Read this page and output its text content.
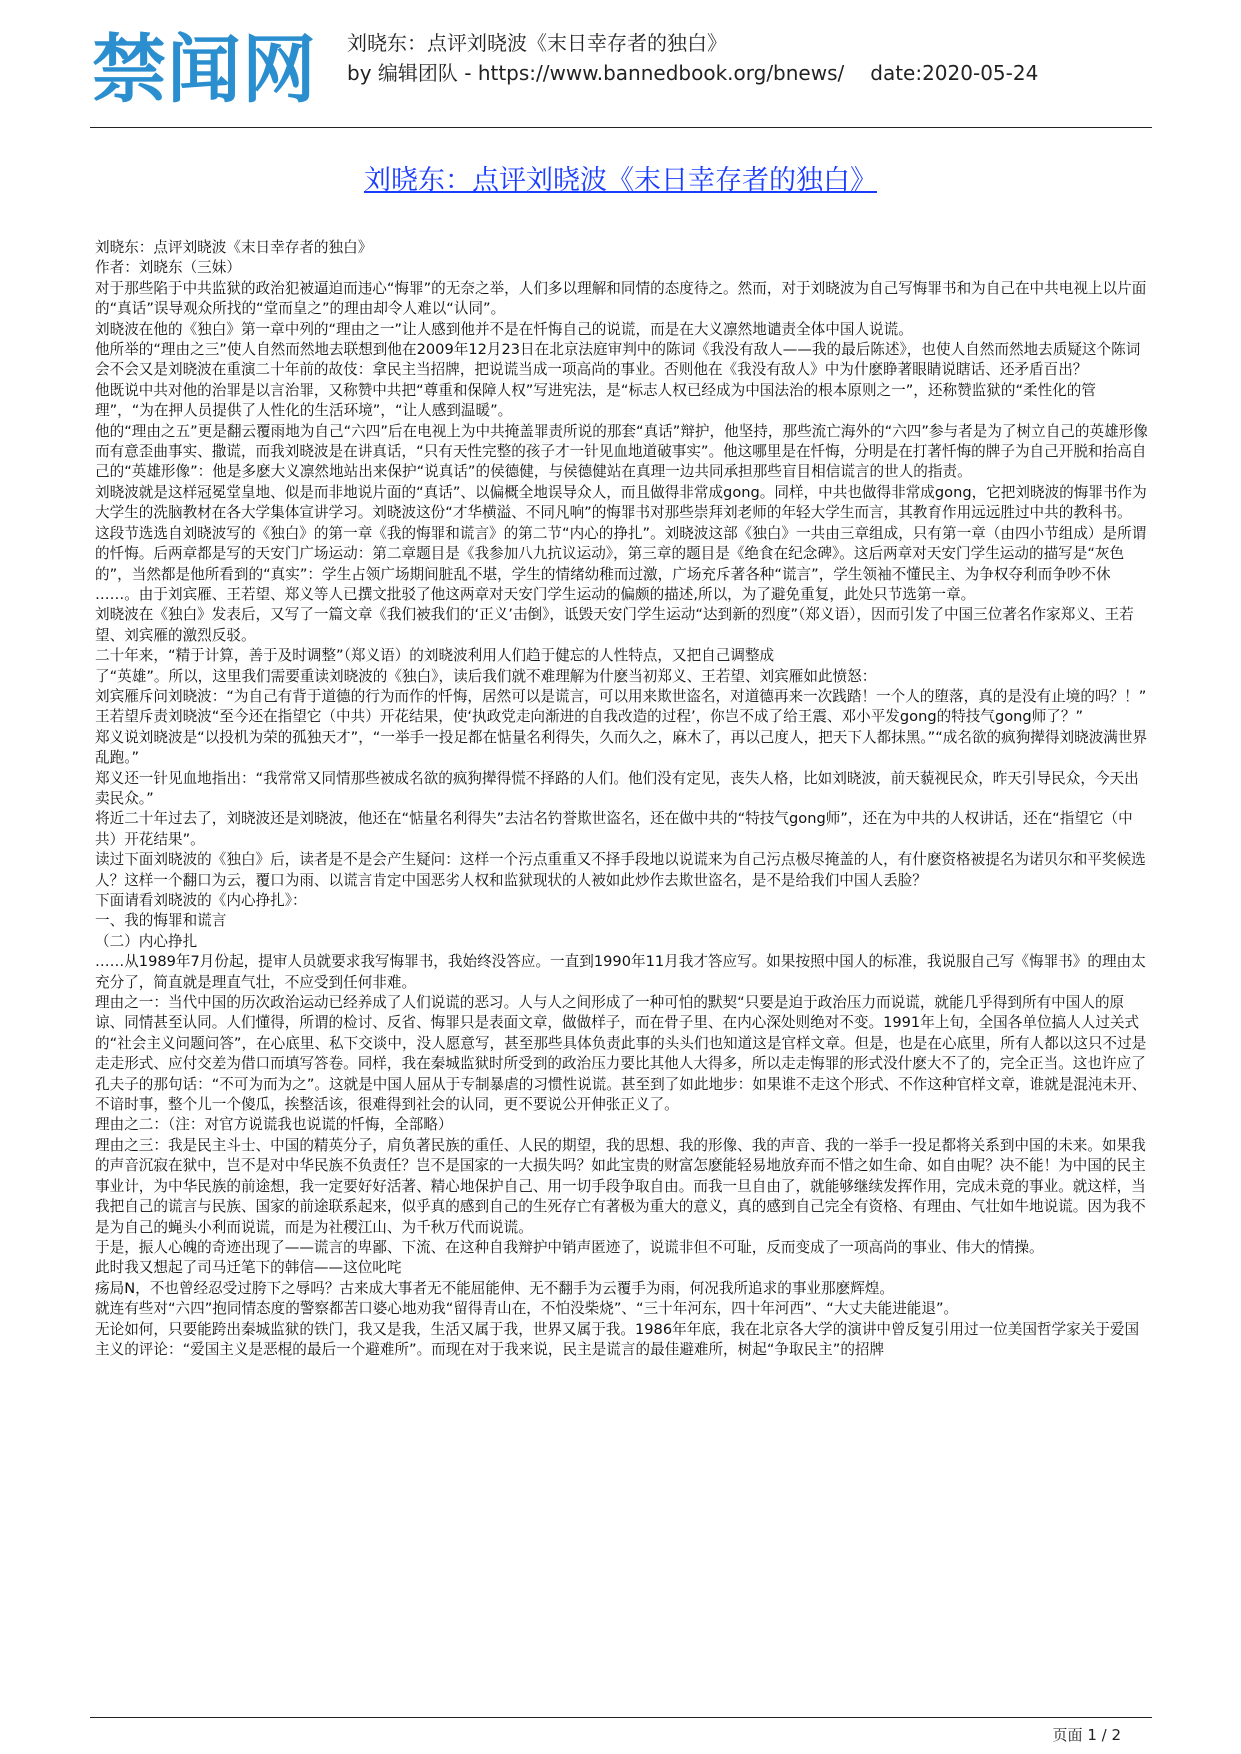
禁闻网 刘晓东：点评刘晓波《末日幸存者的独白》
by 编辑团队 - https://www.bannedbook.org/bnews/ date:2020-05-24
刘晓东：点评刘晓波《末日幸存者的独白》

刘晓东：点评刘晓波《末日幸存者的独白》

作者：刘晓东（三妹）

对于那些陷于中共监狱的政治犯被逼迫而违心“悔罪”的无奈之举，人们多以理解和同情的态度待之。然而，对于刘晓波为自己写悔罪书和为自己在中共电视上以片面的“真话”误导观众所找的“堂而皇之”的理由却令人难以“认同”。

刘晓波在他的《独白》第一章中列的“理由之一”让人感到他并不是在忏悔自己的说谎，而是在大义凛然地谴责全体中国人说谎。

他所举的“理由之三”使人自然而然地去联想到他在2009年12月23日在北京法庭审判中的陈词《我没有敌人——我的最后陈述》，也使人自然而然地去质疑这个陈词会不会又是刘晓波在重演二十年前的故伎：拿民主当招牌，把说谎当成一项高尚的事业。否则他在《我没有敌人》中为什麽睁著眼睛说瞎话、还矛盾百出？

他既说中共对他的治罪是以言治罪，又称赞中共把“尊重和保障人权”写进宪法，是“标志人权已经成为中国法治的根本原则之一”，还称赞监狱的“柔性化的管理”，“为在押人员提供了人性化的生活环境”，“让人感到温暖”。

他的“理由之五”更是翻云覆雨地为自己“六四”后在电视上为中共掩盖罪责所说的那套“真话”辩护，他坚持，那些流亡海外的“六四”参与者是为了树立自己的英雄形像而有意歪曲事实、撒谎，而我刘晓波是在讲真话，“只有天性完整的孩子才一针见血地道破事实”。他这哪里是在忏悔，分明是在打著忏悔的牌子为自己开脱和抬高自己的“英雄形像”：他是多麽大义凛然地站出来保护“说真话”的侯德健，与侯德健站在真理一边共同承担那些盲目相信谎言的世人的指责。

刘晓波就是这样冠冕堂皇地、似是而非地说片面的“真话”、以偏概全地误导众人，而且做得非常成gong。同样，中共也做得非常成gong，它把刘晓波的悔罪书作为大学生的洗脑教材在各大学集体宣讲学习。刘晓波这份“才华横溢、不同凡响”的悔罪书对那些崇拜刘老师的年轻大学生而言，其教育作用远远胜过中共的教科书。

这段节选选自刘晓波写的《独白》的第一章《我的悔罪和谎言》的第二节“内心的挣扎”。刘晓波这部《独白》一共由三章组成，只有第一章（由四小节组成）是所谓的忏悔。后两章都是写的天安门广场运动：第二章题目是《我参加八九抗议运动》，第三章的题目是《绝食在纪念碑》。这后两章对天安门学生运动的描写是“灰色的”，当然都是他所看到的“真实”：学生占领广场期间脏乱不堪，学生的情绪幼稚而过激，广场充斥著各种“谎言”，学生领袖不懂民主、为争权夺利而争吵不休

……。由于刘宾雁、王若望、郑义等人已撰文批驳了他这两章对天安门学生运动的偏颇的描述,所以，为了避免重复，此处只节选第一章。

刘晓波在《独白》发表后，又写了一篇文章《我们被我们的‘正义’击倒》，诋毁天安门学生运动“达到新的烈度”（郑义语），因而引发了中国三位著名作家郑义、王若望、刘宾雁的激烈反驳。

二十年来，“精于计算，善于及时调整”（郑义语）的刘晓波利用人们趋于健忘的人性特点，又把自己调整成

了“英雄”。所以，这里我们需要重读刘晓波的《独白》，读后我们就不难理解为什麽当初郑义、王若望、刘宾雁如此愤怒：

刘宾雁斥问刘晓波：“为自己有背于道德的行为而作的忏悔，居然可以是谎言，可以用来欺世盗名，对道德再来一次践踏！一个人的堕落，真的是没有止境的吗？！”

王若望斥责刘晓波“至今还在指望它（中共）开花结果，使‘执政党走向渐进的自我改造的过程’，你岂不成了给王震、邓小平发gong的特技气gong师了？”

郑义说刘晓波是“以投机为荣的孤独天才”，“一举手一投足都在惦量名利得失，久而久之，麻木了，再以己度人，把天下人都抹黑。”“成名欲的疯狗撵得刘晓波满世界乱跑。”

郑义还一针见血地指出：“我常常又同情那些被成名欲的疯狗撵得慌不择路的人们。他们没有定见，丧失人格，比如刘晓波，前天藐视民众，昨天引导民众，今天出卖民众。”

将近二十年过去了，刘晓波还是刘晓波，他还在“惦量名利得失”去沽名钓誉欺世盗名，还在做中共的“特技气gong师”，还在为中共的人权讲话，还在“指望它（中共）开花结果”。

读过下面刘晓波的《独白》后，读者是不是会产生疑问：这样一个污点重重又不择手段地以说谎来为自己污点极尽掩盖的人，有什麽资格被提名为诺贝尔和平奖候选人？这样一个翻口为云，覆口为雨、以谎言肯定中国恶劣人权和监狱现状的人被如此炒作去欺世盗名，是不是给我们中国人丢脸？

下面请看刘晓波的《内心挣扎》：

一、我的悔罪和谎言

（二）内心挣扎

……从1989年7月份起，提审人员就要求我写悔罪书，我始终没答应。一直到1990年11月我才答应写。如果按照中国人的标准，我说服自己写《悔罪书》的理由太充分了，简直就是理直气壮，不应受到任何非难。

理由之一：当代中国的历次政治运动已经养成了人们说谎的恶习。人与人之间形成了一种可怕的默契“只要是迫于政治压力而说谎，就能几乎得到所有中国人的原谅、同情甚至认同。人们懂得，所谓的检讨、反省、悔罪只是表面文章，做做样子，而在骨子里、在内心深处则绝对不变。1991年上旬，全国各单位搞人人过关式的“社会主义问题问答”，在心底里、私下交谈中，没人愿意写，甚至那些具体负责此事的头头们也知道这是官样文章。但是，也是在心底里，所有人都以这只不过是走走形式、应付交差为借口而填写答卷。同样，我在秦城监狱时所受到的政治压力要比其他人大得多，所以走走悔罪的形式没什麽大不了的，完全正当。这也许应了孔夫子的那句话：“不可为而为之”。这就是中国人屈从于专制暴虐的习惯性说谎。甚至到了如此地步：如果谁不走这个形式、不作这种官样文章，谁就是混沌未开、不谙时事，整个儿一个傻瓜，挨整活该，很难得到社会的认同，更不要说公开伸张正义了。

理由之二：（注：对官方说谎我也说谎的忏悔，全部略）

理由之三：我是民主斗士、中国的精英分子，肩负著民族的重任、人民的期望，我的思想、我的形像、我的声音、我的一举手一投足都将关系到中国的未来。如果我的声音沉寂在狱中，岂不是对中华民族不负责任？岂不是国家的一大损失吗？如此宝贵的财富怎麽能轻易地放弃而不惜之如生命、如自由呢？决不能！为中国的民主事业计，为中华民族的前途想，我一定要好好活著、精心地保护自己、用一切手段争取自由。而我一旦自由了，就能够继续发挥作用，完成未竟的事业。就这样，当我把自己的谎言与民族、国家的前途联系起来，似乎真的感到自己的生死存亡有著极为重大的意义，真的感到自己完全有资格、有理由、气壮如牛地说谎。因为我不是为自己的蝇头小利而说谎，而是为社稷江山、为千秋万代而说谎。

于是，振人心魄的奇迹出现了——谎言的卑鄙、下流、在这种自我辩护中销声匿迹了，说谎非但不可耻，反而变成了一项高尚的事业、伟大的情操。

此时我又想起了司马迁笔下的韩信——这位叱咤

疡局N，不也曾经忍受过胯下之辱吗？古来成大事者无不能屈能伸、无不翻手为云覆手为雨，何况我所追求的事业那麽辉煌。

就连有些对“六四”抱同情态度的警察都苦口婆心地劝我“留得青山在，不怕没柴烧”、“三十年河东，四十年河西”、“大丈夫能进能退”。

无论如何，只要能跨出秦城监狱的铁门，我又是我，生活又属于我，世界又属于我。1986年年底，我在北京各大学的演讲中曾反复引用过一位美国哲学家关于爱国主义的评论：“爱国主义是恶棍的最后一个避难所”。而现在对于我来说，民主是谎言的最佳避难所，树起“争取民主”的招牌

页面 1 / 2
